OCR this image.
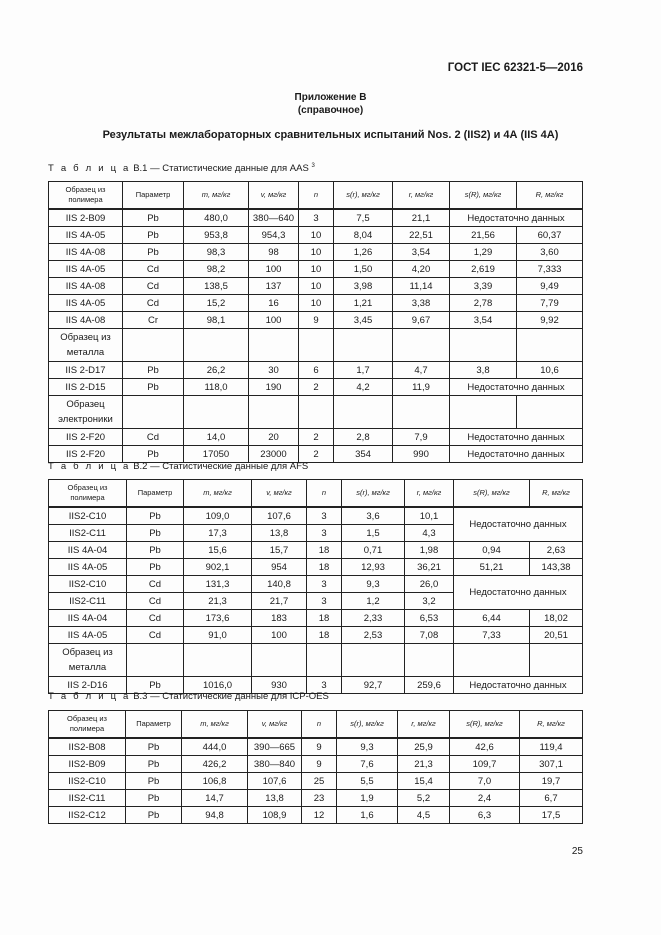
ГОСТ IEC 62321-5—2016
Приложение В
(справочное)
Результаты межлабораторных сравнительных испытаний Nos. 2 (IIS2) и 4А (IIS 4А)
Т а б л и ц а В.1 — Статистические данные для AAS $^3$
Образец из полимера	Параметр	m, мг/кг	v, мг/кг	n	s(r), мг/кг	r, мг/кг	s(R), мг/кг	R, мг/кг
IIS 2-В09	Pb	480,0	380—640	3	7,5	21,1	Недостаточно данных	
IIS 4А-05	Pb	953,8	954,3	10	8,04	22,51	21,56	60,37
IIS 4А-08	Pb	98,3	98	10	1,26	3,54	1,29	3,60
IIS 4А-05	Cd	98,2	100	10	1,50	4,20	2,619	7,333
IIS 4А-08	Cd	138,5	137	10	3,98	11,14	3,39	9,49
IIS 4А-05	Cd	15,2	16	10	1,21	3,38	2,78	7,79
IIS 4А-08	Cr	98,1	100	9	3,45	9,67	3,54	9,92
Образец из металла								
IIS 2-D17	Pb	26,2	30	6	1,7	4,7	3,8	10,6
IIS 2-D15	Pb	118,0	190	2	4,2	11,9	Недостаточно данных	
Образец электроники								
IIS 2-F20	Cd	14,0	20	2	2,8	7,9	Недостаточно данных	
IIS 2-F20	Pb	17050	23000	2	354	990	Недостаточно данных	
Т а б л и ц а В.2 — Статистические данные для AFS
Образец из полимера	Параметр	m, мг/кг	v, мг/кг	n	s(r), мг/кг	r, мг/кг	s(R), мг/кг	R, мг/кг
IIS2-C10	Pb	109,0	107,6	3	3,6	10,1	Недостаточно данных	
IIS2-C11	Pb	17,3	13,8	3	1,5	4,3		
IIS 4А-04	Pb	15,6	15,7	18	0,71	1,98	0,94	2,63
IIS 4А-05	Pb	902,1	954	18	12,93	36,21	51,21	143,38
IIS2-C10	Cd	131,3	140,8	3	9,3	26,0	Недостаточно данных	
IIS2-C11	Cd	21,3	21,7	3	1,2	3,2		
IIS 4А-04	Cd	173,6	183	18	2,33	6,53	6,44	18,02
IIS 4А-05	Cd	91,0	100	18	2,53	7,08	7,33	20,51
Образец из металла								
IIS 2-D16	Pb	1016,0	930	3	92,7	259,6	Недостаточно данных	
Т а б л и ц а В.3 — Статистические данные для ICP-OES
Образец из полимера	Параметр	m, мг/кг	v, мг/кг	n	s(r), мг/кг	r, мг/кг	s(R), мг/кг	R, мг/кг
IIS2-B08	Pb	444,0	390—665	9	9,3	25,9	42,6	119,4
IIS2-B09	Pb	426,2	380—840	9	7,6	21,3	109,7	307,1
IIS2-C10	Pb	106,8	107,6	25	5,5	15,4	7,0	19,7
IIS2-C11	Pb	14,7	13,8	23	1,9	5,2	2,4	6,7
IIS2-C12	Pb	94,8	108,9	12	1,6	4,5	6,3	17,5
25
